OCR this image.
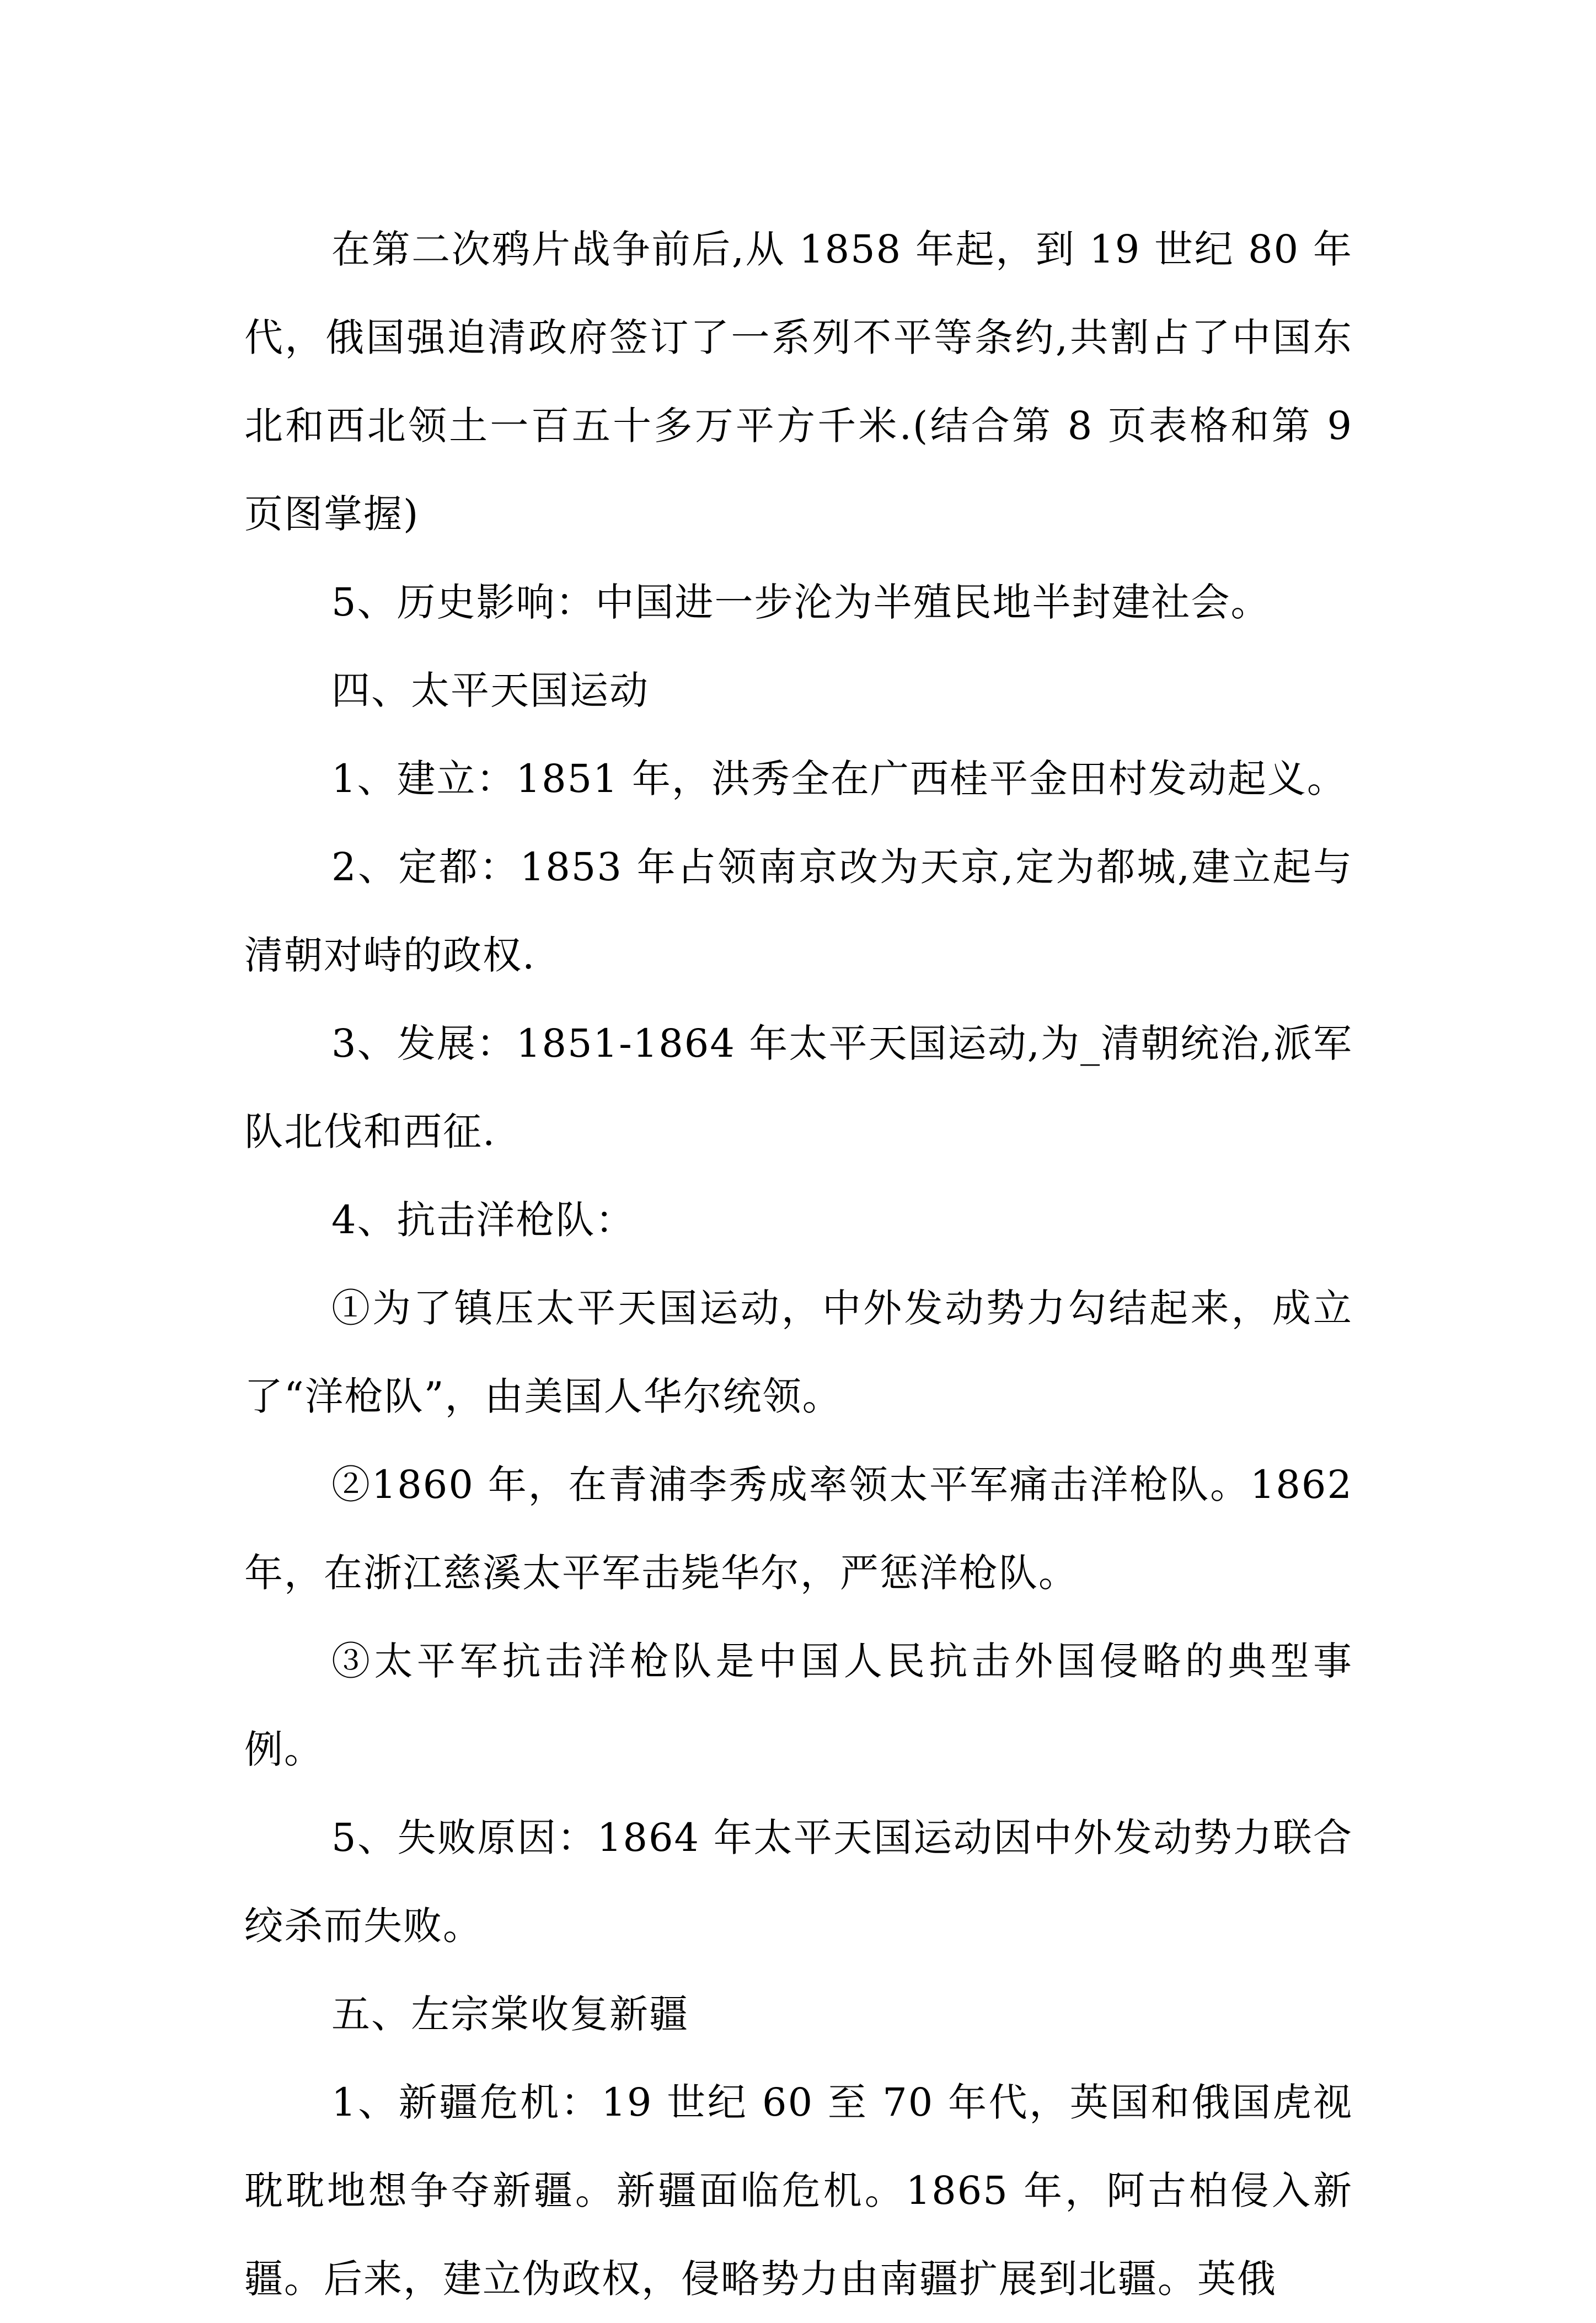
在第二次鸦片战争前后,从 1858 年起，到 19 世纪 80 年代，俄国强迫清政府签订了一系列不平等条约,共割占了中国东北和西北领土一百五十多万平方千米.(结合第 8 页表格和第 9 页图掌握)

5、历史影响：中国进一步沦为半殖民地半封建社会。

四、太平天国运动

1、建立：1851 年，洪秀全在广西桂平金田村发动起义。

2、定都：1853 年占领南京改为天京,定为都城,建立起与清朝对峙的政权.

3、发展：1851-1864 年太平天国运动,为_清朝统治,派军队北伐和西征.

4、抗击洋枪队：

①为了镇压太平天国运动，中外发动势力勾结起来，成立了“洋枪队”，由美国人华尔统领。

②1860 年，在青浦李秀成率领太平军痛击洋枪队。1862 年，在浙江慈溪太平军击毙华尔，严惩洋枪队。

③太平军抗击洋枪队是中国人民抗击外国侵略的典型事例。

5、失败原因：1864 年太平天国运动因中外发动势力联合绞杀而失败。

五、左宗棠收复新疆

1、新疆危机：19 世纪 60 至 70 年代，英国和俄国虎视耽耽地想争夺新疆。新疆面临危机。1865 年，阿古柏侵入新疆。后来，建立伪政权，侵略势力由南疆扩展到北疆。英俄
